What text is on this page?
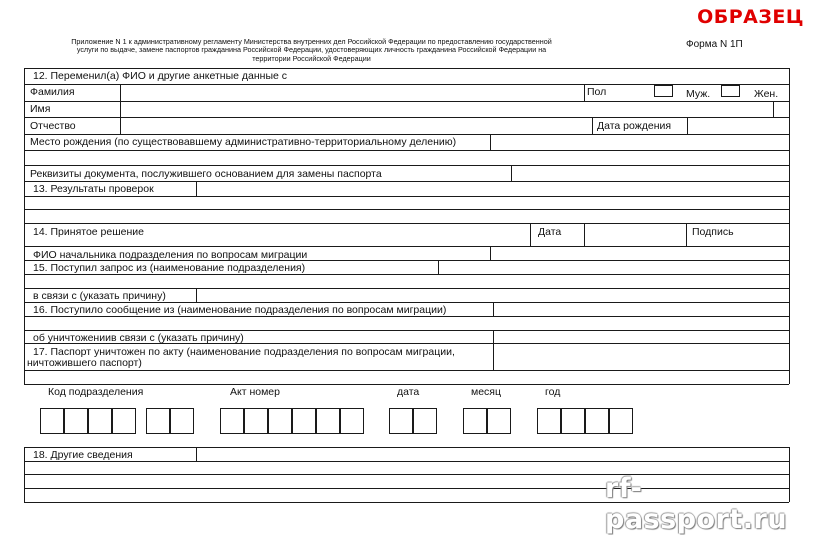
ОБРАЗЕЦ
Приложение N 1 к административному регламенту Министерства внутренних дел Российской Федерации по предоставлению государственной
услуги по выдаче, замене паспортов гражданина Российской Федерации, удостоверяющих личность гражданина Российской Федерации на
территории Российской Федерации
Форма N 1П
12. Переменил(а) ФИО и другие анкетные данные с
Фамилия	Пол	Муж.	Жен.
Имя
Отчество	Дата рождения
Место рождения (по существовавшему административно-территориальному делению)
Реквизиты документа, послужившего основанием для замены паспорта
13. Результаты проверок
14. Принятое решение	Дата	Подпись
ФИО начальника подразделения по вопросам миграции
15. Поступил запрос из (наименование подразделения)
в связи с (указать причину)
16. Поступило сообщение из (наименование подразделения по вопросам миграции)
об уничтожениив связи с (указать причину)
17. Паспорт уничтожен по акту (наименование подразделения по вопросам миграции,
ничтожившего паспорт)
Код подразделения	Акт номер	дата	месяц	год
18. Другие сведения
rf-passport.ru
